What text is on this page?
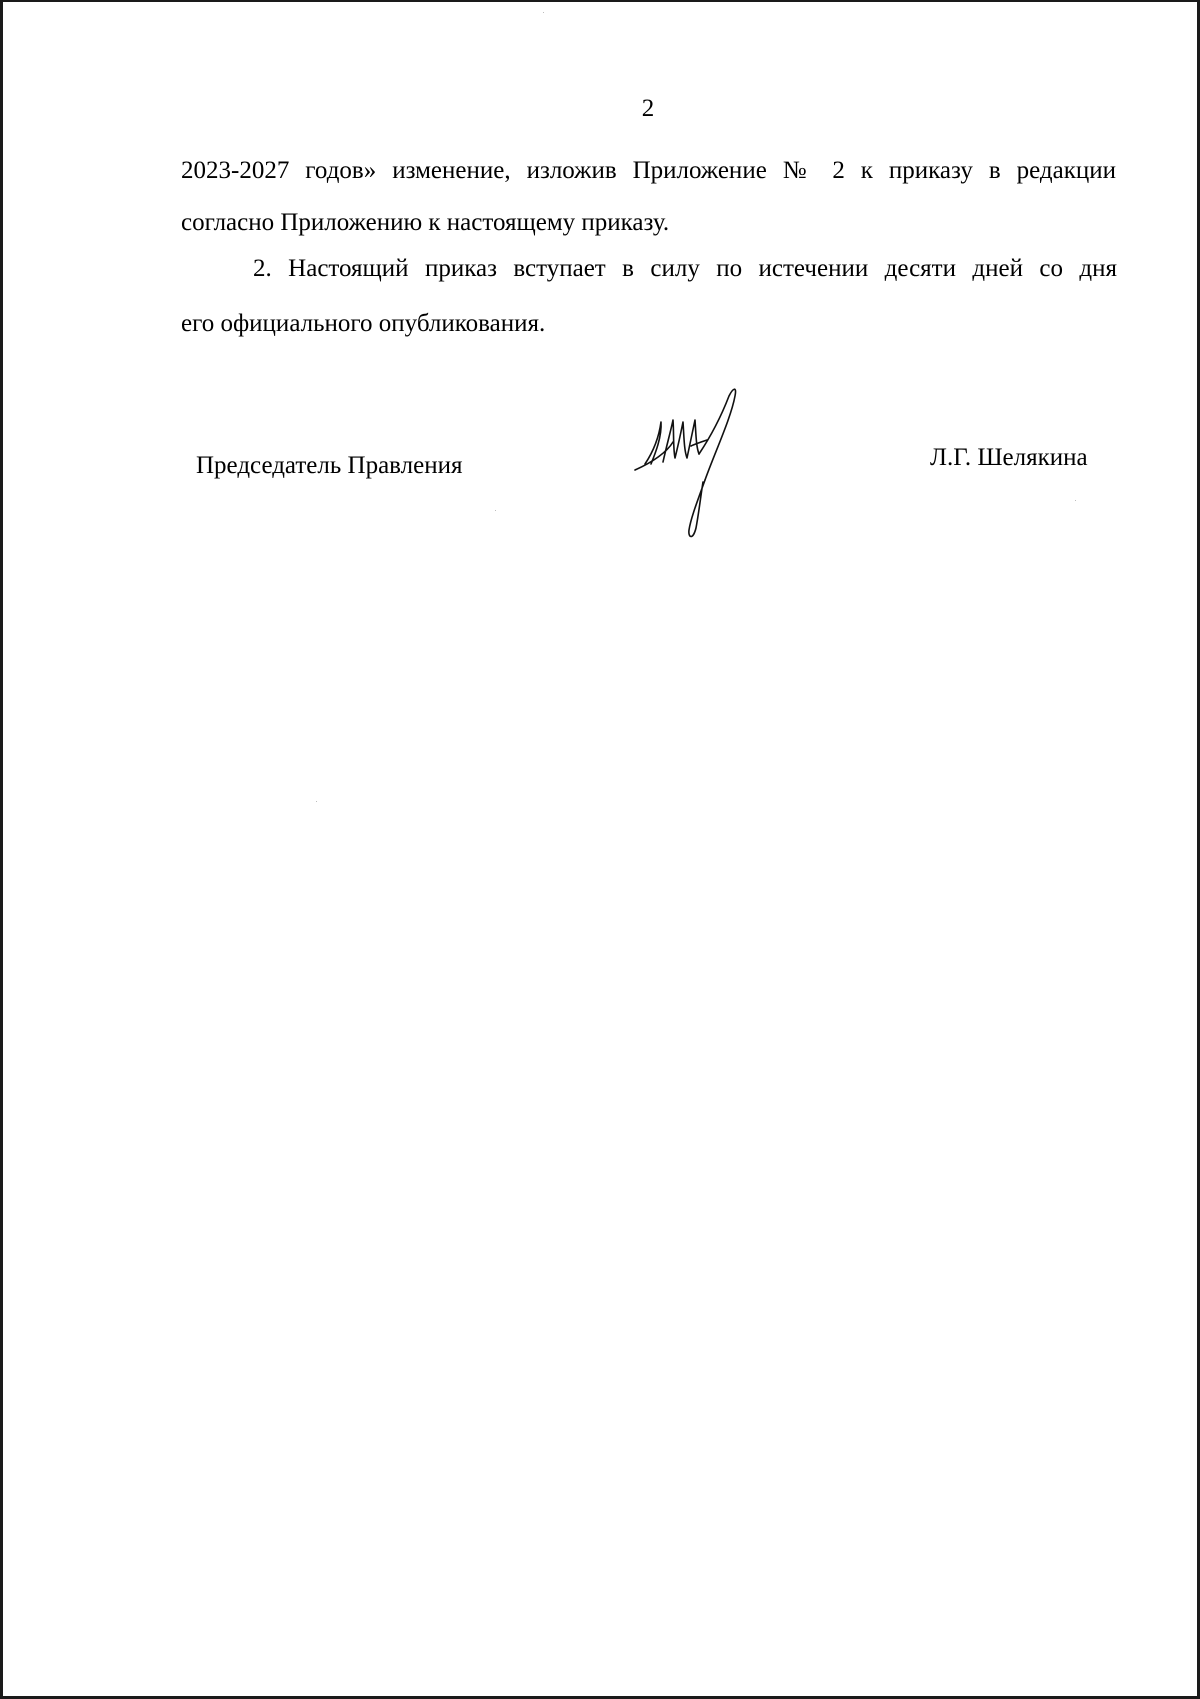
2
2023-2027 годов» изменение, изложив Приложение № 2 к приказу в редакции
согласно Приложению к настоящему приказу.
2. Настоящий приказ вступает в силу по истечении десяти дней со дня
его официального опубликования.
Председатель Правления	Л.Г. Шелякина
